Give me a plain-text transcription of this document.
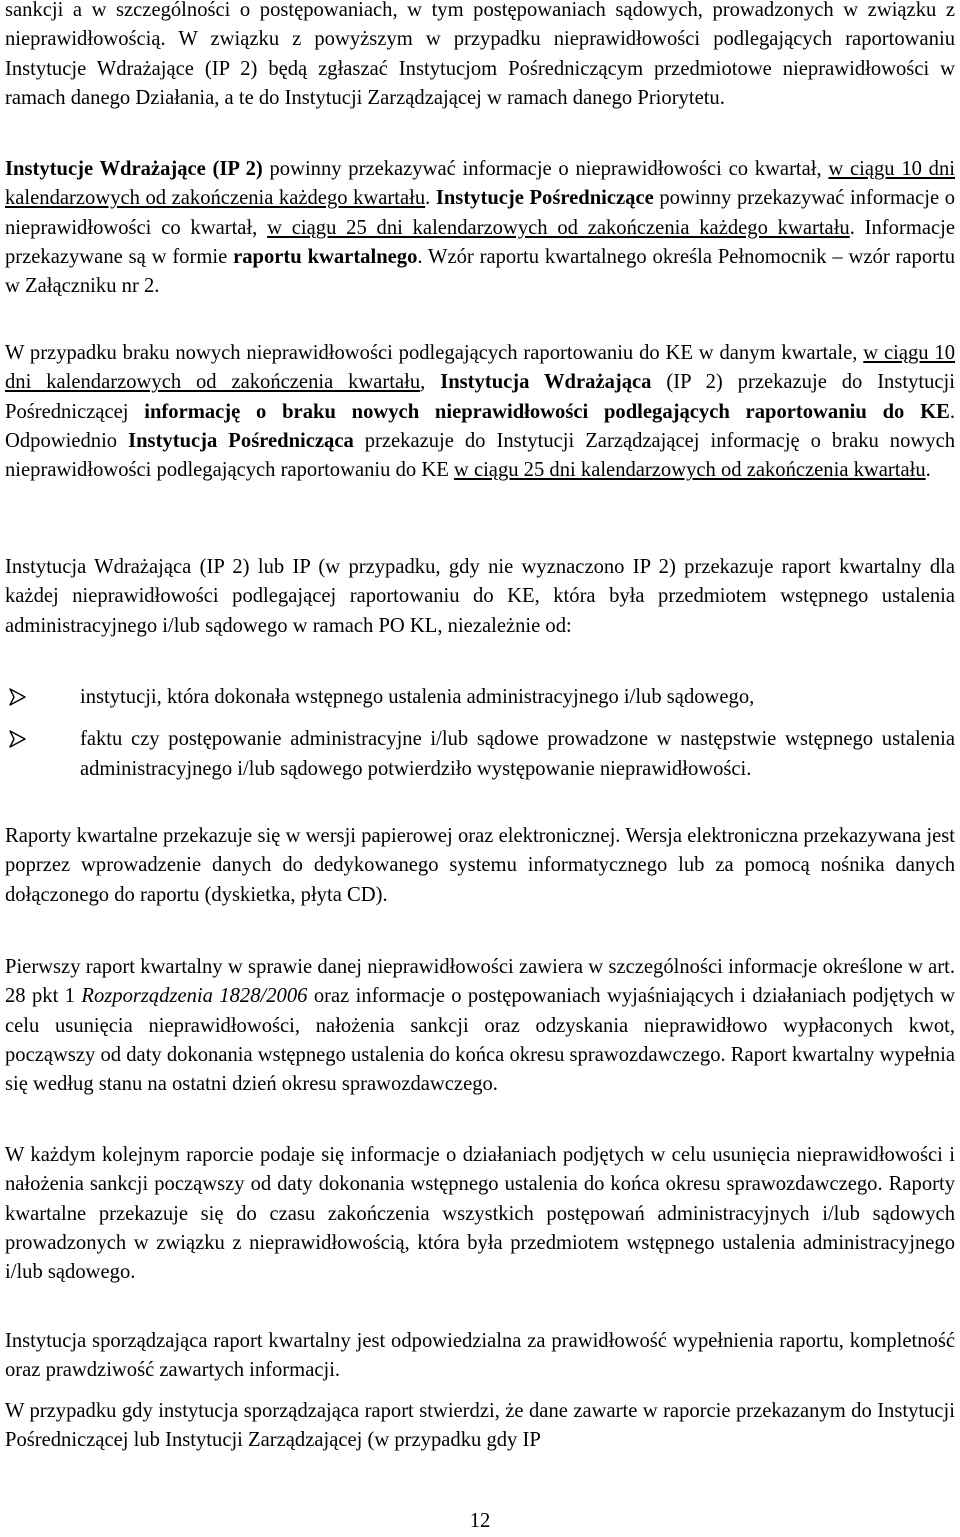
sankcji a w szczególności o postępowaniach, w tym postępowaniach sądowych, prowadzonych w związku z nieprawidłowością. W związku z powyższym w przypadku nieprawidłowości podlegających raportowaniu Instytucje Wdrażające (IP 2) będą zgłaszać Instytucjom Pośredniczącym przedmiotowe nieprawidłowości w ramach danego Działania, a te do Instytucji Zarządzającej w ramach danego Priorytetu.

Instytucje Wdrażające (IP 2) powinny przekazywać informacje o nieprawidłowości co kwartał, w ciągu 10 dni kalendarzowych od zakończenia każdego kwartału. Instytucje Pośredniczące powinny przekazywać informacje o nieprawidłowości co kwartał, w ciągu 25 dni kalendarzowych od zakończenia każdego kwartału. Informacje przekazywane są w formie raportu kwartalnego. Wzór raportu kwartalnego określa Pełnomocnik – wzór raportu w Załączniku nr 2.

W przypadku braku nowych nieprawidłowości podlegających raportowaniu do KE w danym kwartale, w ciągu 10 dni kalendarzowych od zakończenia kwartału, Instytucja Wdrażająca (IP 2) przekazuje do Instytucji Pośredniczącej informację o braku nowych nieprawidłowości podlegających raportowaniu do KE. Odpowiednio Instytucja Pośrednicząca przekazuje do Instytucji Zarządzającej informację o braku nowych nieprawidłowości podlegających raportowaniu do KE w ciągu 25 dni kalendarzowych od zakończenia kwartału.

Instytucja Wdrażająca (IP 2) lub IP (w przypadku, gdy nie wyznaczono IP 2) przekazuje raport kwartalny dla każdej nieprawidłowości podlegającej raportowaniu do KE, która była przedmiotem wstępnego ustalenia administracyjnego i/lub sądowego w ramach PO KL, niezależnie od:

instytucji, która dokonała wstępnego ustalenia administracyjnego i/lub sądowego,

faktu czy postępowanie administracyjne i/lub sądowe prowadzone w następstwie wstępnego ustalenia administracyjnego i/lub sądowego potwierdziło występowanie nieprawidłowości.

Raporty kwartalne przekazuje się w wersji papierowej oraz elektronicznej. Wersja elektroniczna przekazywana jest poprzez wprowadzenie danych do dedykowanego systemu informatycznego lub za pomocą nośnika danych dołączonego do raportu (dyskietka, płyta CD).

Pierwszy raport kwartalny w sprawie danej nieprawidłowości zawiera w szczególności informacje określone w art. 28 pkt 1 Rozporządzenia 1828/2006 oraz informacje o postępowaniach wyjaśniających i działaniach podjętych w celu usunięcia nieprawidłowości, nałożenia sankcji oraz odzyskania nieprawidłowo wypłaconych kwot, począwszy od daty dokonania wstępnego ustalenia do końca okresu sprawozdawczego. Raport kwartalny wypełnia się według stanu na ostatni dzień okresu sprawozdawczego.

W każdym kolejnym raporcie podaje się informacje o działaniach podjętych w celu usunięcia nieprawidłowości i nałożenia sankcji począwszy od daty dokonania wstępnego ustalenia do końca okresu sprawozdawczego. Raporty kwartalne przekazuje się do czasu zakończenia wszystkich postępowań administracyjnych i/lub sądowych prowadzonych w związku z nieprawidłowością, która była przedmiotem wstępnego ustalenia administracyjnego i/lub sądowego.

Instytucja sporządzająca raport kwartalny jest odpowiedzialna za prawidłowość wypełnienia raportu, kompletność oraz prawdziwość zawartych informacji.

W przypadku gdy instytucja sporządzająca raport stwierdzi, że dane zawarte w raporcie przekazanym do Instytucji Pośredniczącej lub Instytucji Zarządzającej (w przypadku gdy IP

12
